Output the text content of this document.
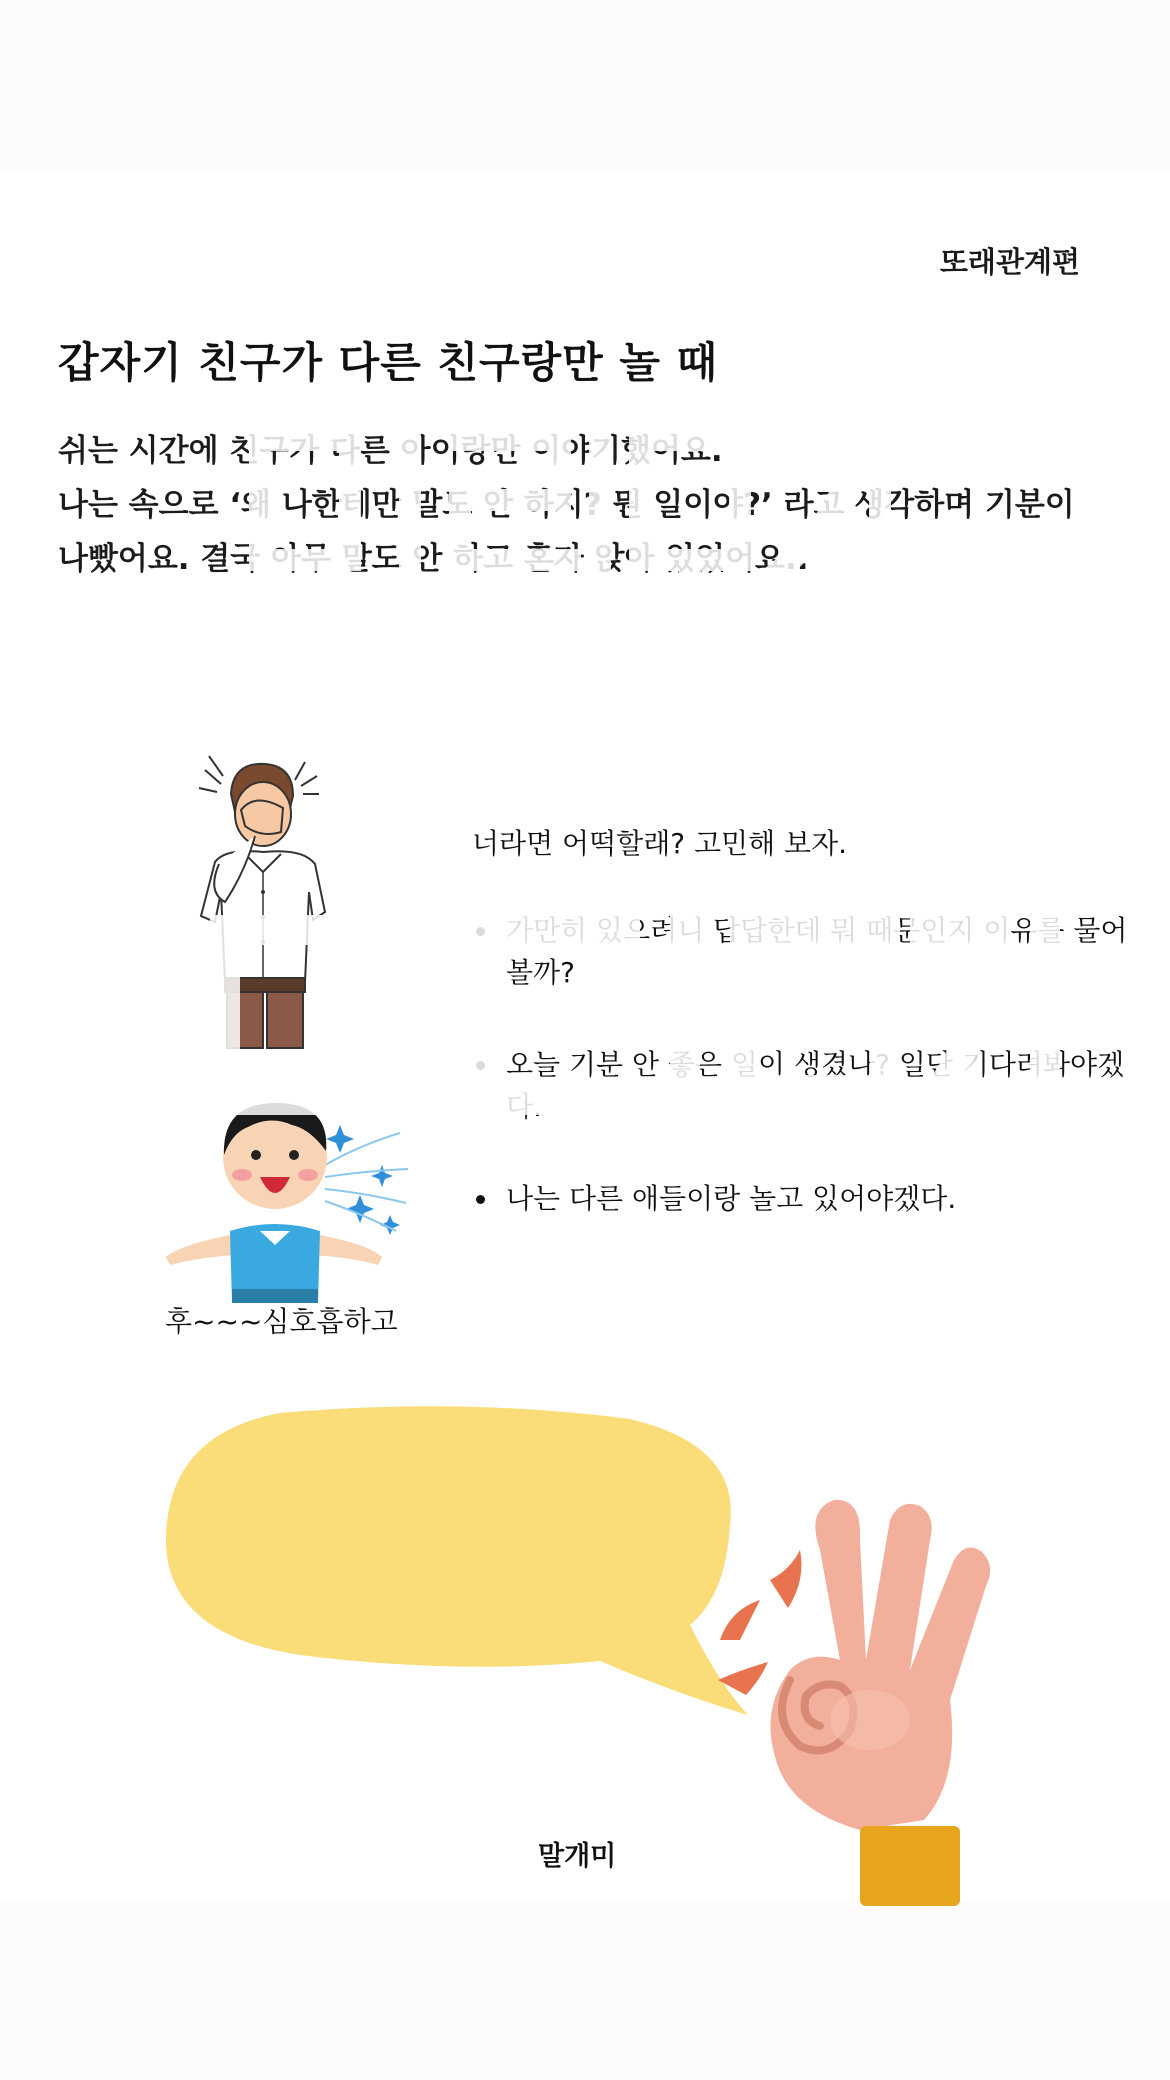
또래관계편
갑자기 친구가 다른 친구랑만 놀 때

쉬는 시간에 친구가 다른 아이랑만 이야기했어요.

나는 속으로 ‘왜 나한테만 말도 안 하지? 뭔 일이야?’ 라고 생각하며 기분이 나빴어요. 결국 아무 말도 안 하고 혼자 앉아 있었어요..

너라면 어떡할래? 고민해 보자.
가만히 있으려니 답답한데 뭐 때문인지 이유를 물어볼까?
오늘 기분 안 좋은 일이 생겼나? 일단 기다려봐야겠다.
나는 다른 애들이랑 놀고 있어야겠다.
후~~~심호흡하고
말개미
